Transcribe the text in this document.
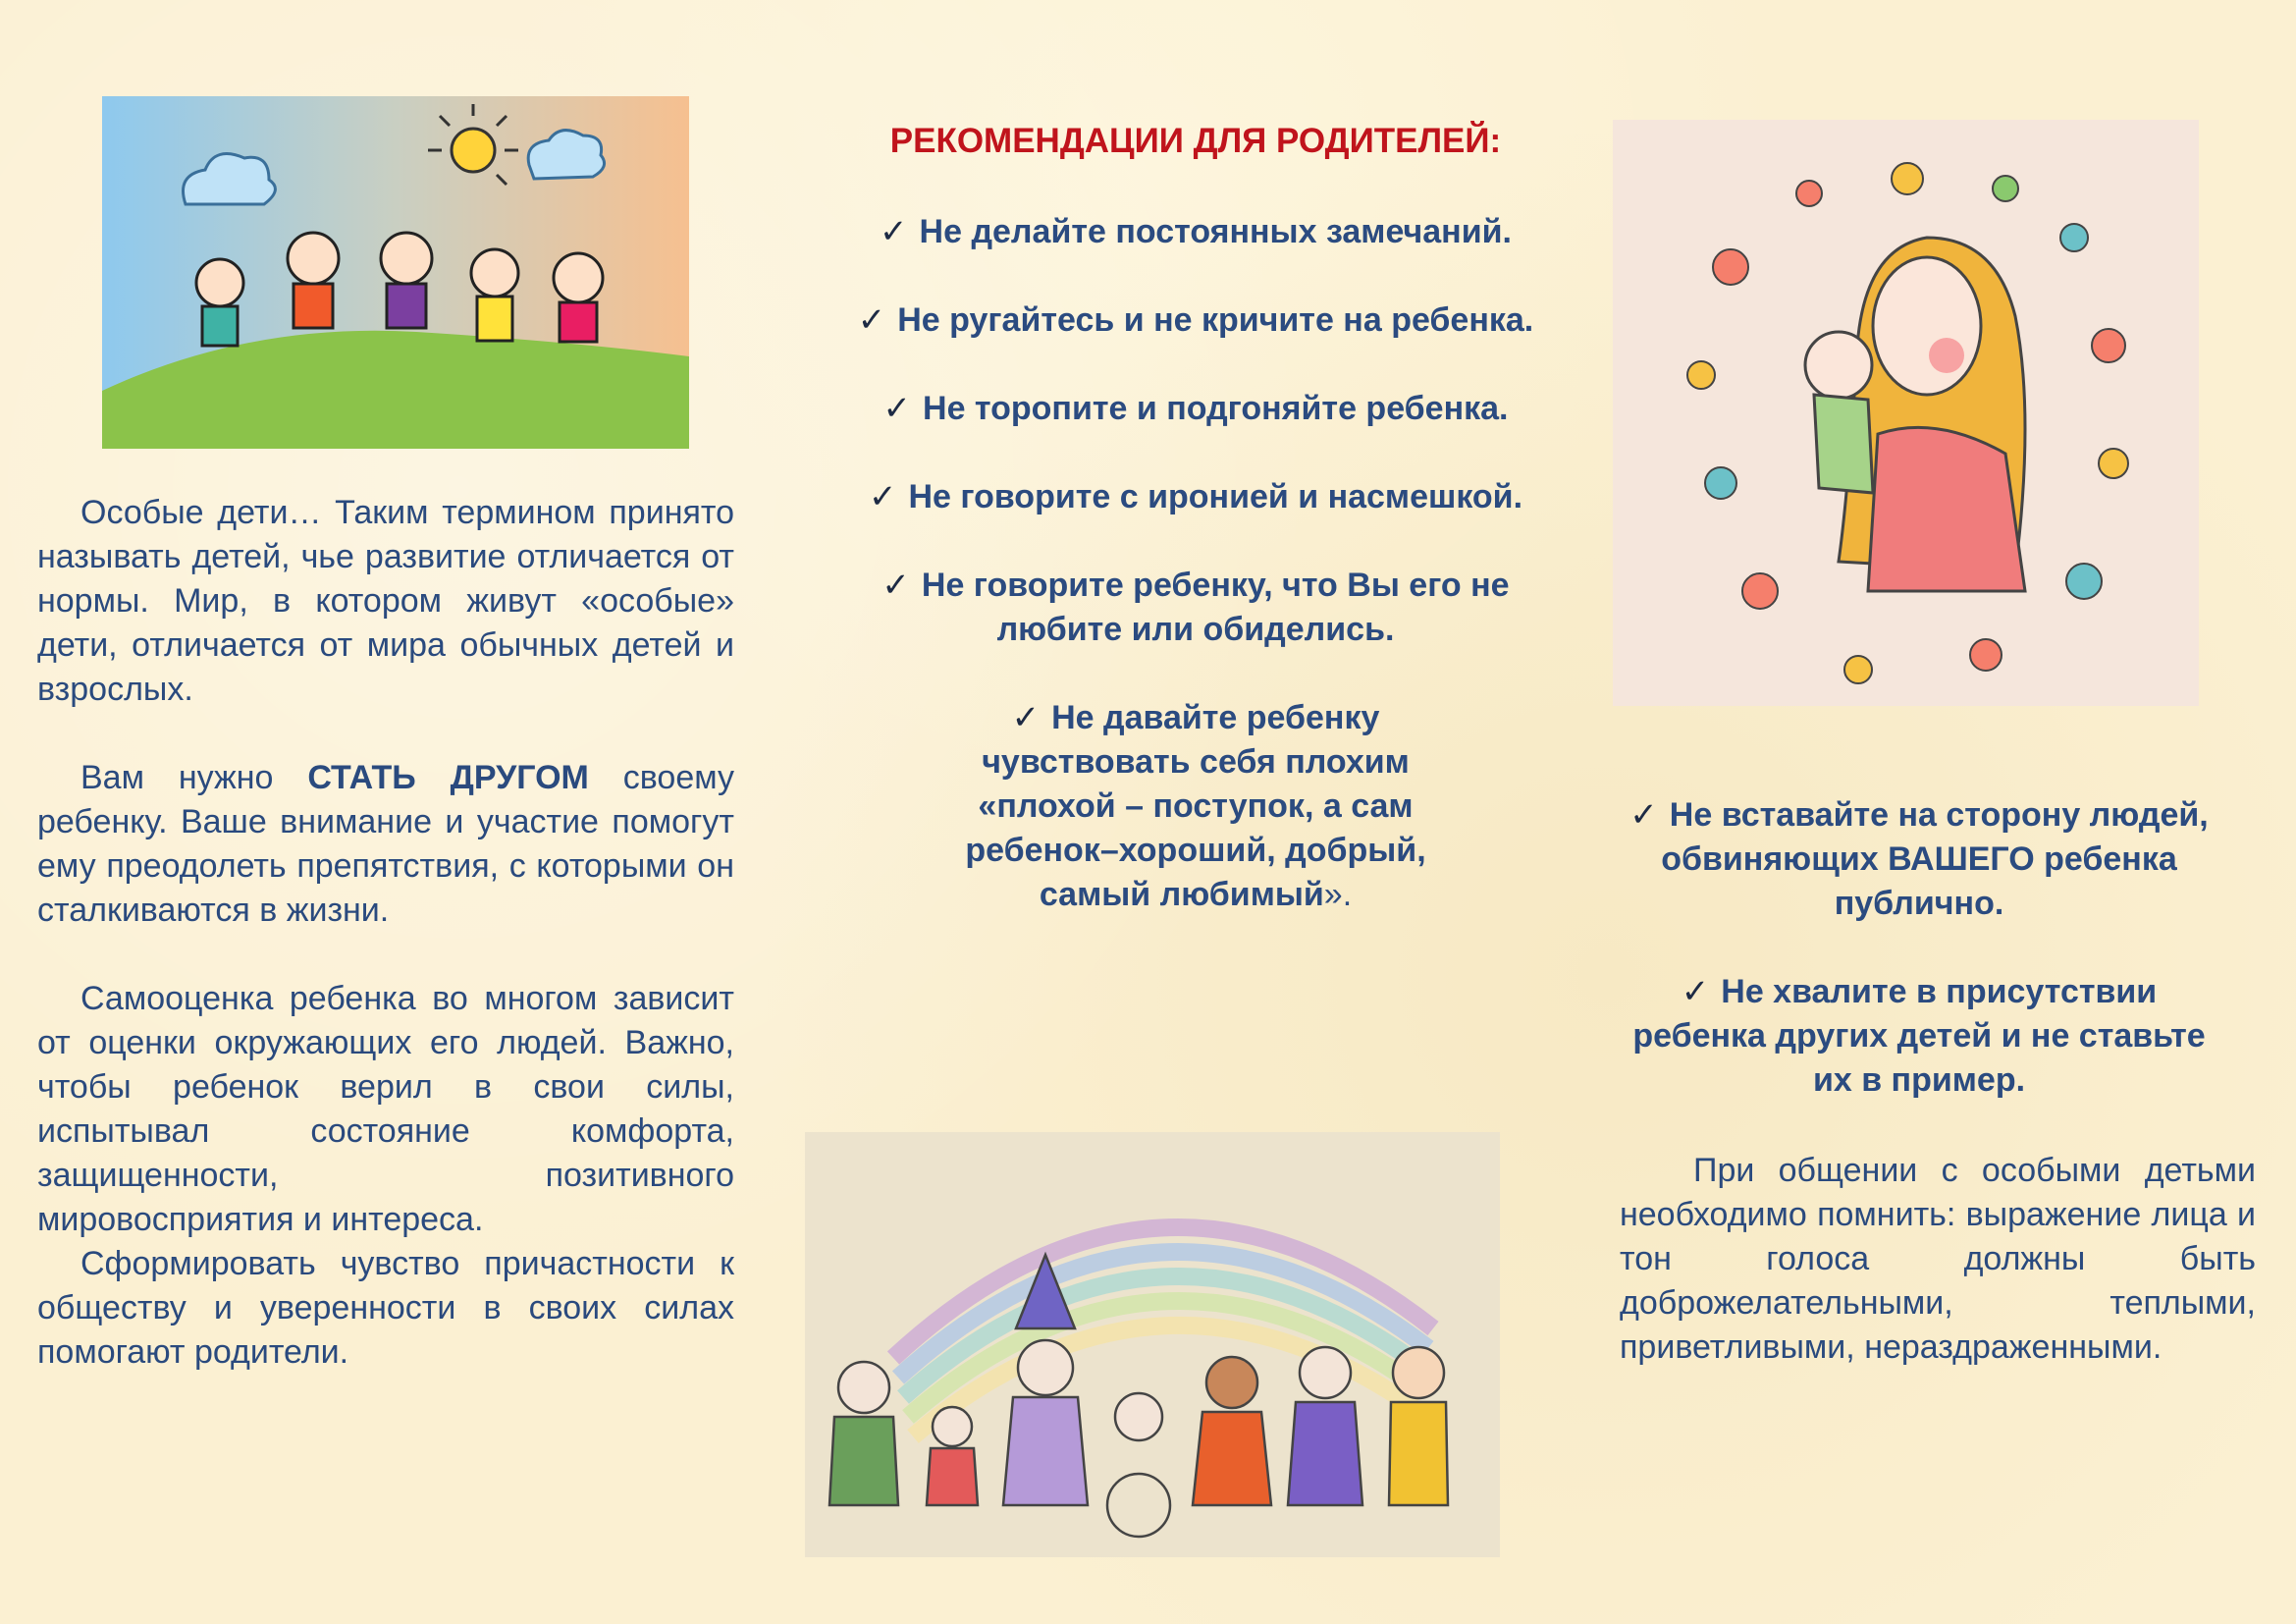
Особые дети… Таким термином принято называть детей, чье развитие отличается от нормы. Мир, в котором живут «особые» дети, отличается от мира обычных детей и взрослых.

Вам нужно СТАТЬ ДРУГОМ своему ребенку. Ваше внимание и участие помогут ему преодолеть препятствия, с которыми он сталкиваются в жизни.

Самооценка ребенка во многом зависит от оценки окружающих его людей. Важно, чтобы ребенок верил в свои силы, испытывал состояние комфорта, защищенности, позитивного мировосприятия и интереса.

Сформировать чувство причастности к обществу и уверенности в своих силах помогают родители.

РЕКОМЕНДАЦИИ ДЛЯ РОДИТЕЛЕЙ:
✓ Не делайте постоянных замечаний.
✓ Не ругайтесь и не кричите на ребенка.
✓ Не торопите и подгоняйте ребенка.
✓ Не говорите с иронией и насмешкой.
✓ Не говорите ребенку, что Вы его не любите или обиделись.
✓ Не давайте ребенку чувствовать себя плохим «плохой – поступок, а сам ребенок–хороший, добрый, самый любимый».
✓ Не вставайте на сторону людей, обвиняющих ВАШЕГО ребенка публично.
✓ Не хвалите в присутствии ребенка других детей и не ставьте их в пример.

При общении с особыми детьми необходимо помнить: выражение лица и тон голоса должны быть доброжелательными, теплыми, приветливыми, нераздраженными.
